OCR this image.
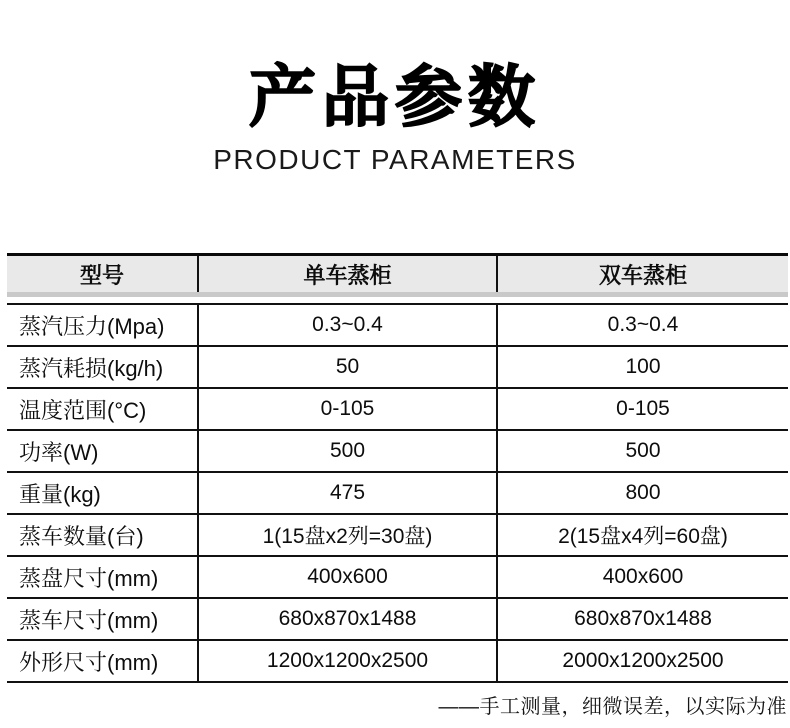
产品参数
PRODUCT PARAMETERS
型号	单车蒸柜	双车蒸柜
蒸汽压力(Mpa)	0.3~0.4	0.3~0.4
蒸汽耗损(kg/h)	50	100
温度范围(°C)	0-105	0-105
功率(W)	500	500
重量(kg)	475	800
蒸车数量(台)	1(15盘x2列=30盘)	2(15盘x4列=60盘)
蒸盘尺寸(mm)	400x600	400x600
蒸车尺寸(mm)	680x870x1488	680x870x1488
外形尺寸(mm)	1200x1200x2500	2000x1200x2500
——手工测量，细微误差，以实际为准
